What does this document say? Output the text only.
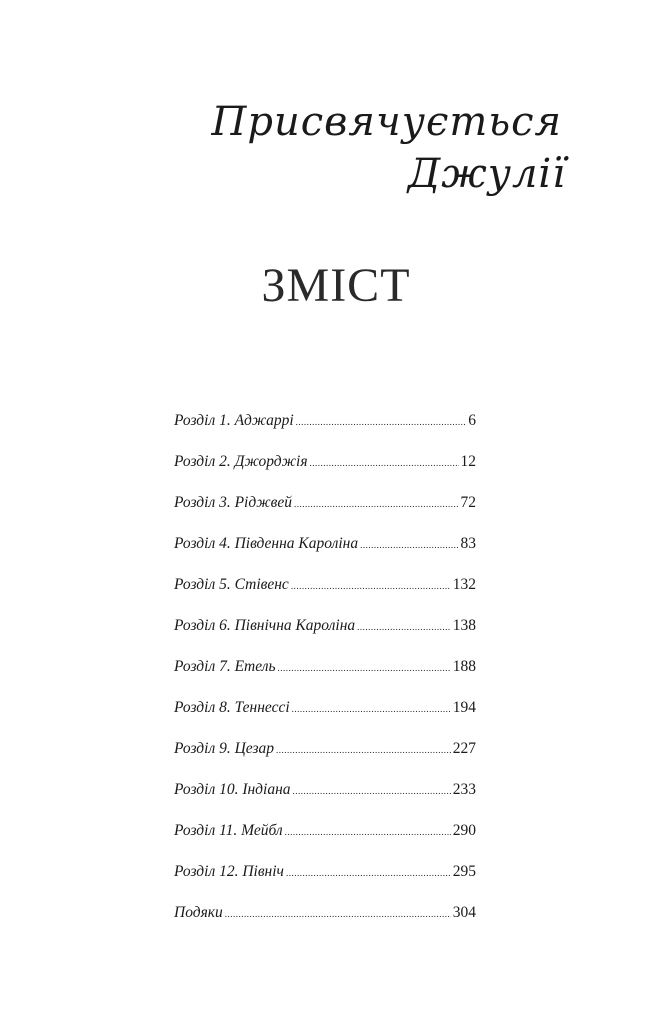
Присвячується
Джулії
ЗМІСТ
Розділ 1. Аджаррі .....	6
Розділ 2. Джорджія .....	12
Розділ 3. Ріджвей .....	72
Розділ 4. Південна Кароліна .....	83
Розділ 5. Стівенс .....	132
Розділ 6. Північна Кароліна .....	138
Розділ 7. Етель .....	188
Розділ 8. Теннессі .....	194
Розділ 9. Цезар .....	227
Розділ 10. Індіана .....	233
Розділ 11. Мейбл .....	290
Розділ 12. Північ .....	295
Подяки .....	304
